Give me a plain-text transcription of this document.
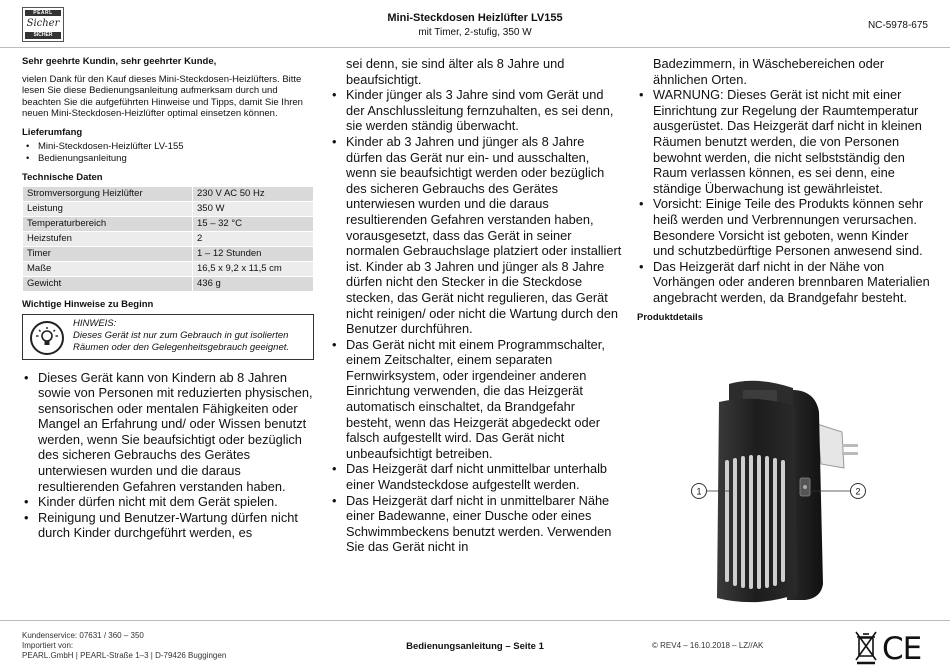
PEARL
Sicher
SICHER
Mini-Steckdosen Heizlüfter LV155
mit Timer, 2-stufig, 350 W
NC-5978-675
Sehr geehrte Kundin, sehr geehrter Kunde,
vielen Dank für den Kauf dieses Mini-Steckdosen-Heizlüfters. Bitte lesen Sie diese Bedienungsanleitung aufmerksam durch und beachten Sie die aufgeführten Hinweise und Tipps, damit Sie Ihren neuen Mini-Steckdosen-Heizlüfter optimal einsetzen können.
Lieferumfang
• Mini-Steckdosen-Heizlüfter LV-155
• Bedienungsanleitung
Technische Daten
Stromversorgung Heizlüfter	230 V AC 50 Hz
Leistung	350 W
Temperaturbereich	15 – 32 °C
Heizstufen	2
Timer	1 – 12 Stunden
Maße	16,5 x 9,2 x 11,5 cm
Gewicht	436 g
Wichtige Hinweise zu Beginn
HINWEIS:
Dieses Gerät ist nur zum Gebrauch in gut isolierten Räumen oder den Gelegenheitsgebrauch geeignet.
• Dieses Gerät kann von Kindern ab 8 Jahren sowie von Personen mit reduzierten physischen, sensorischen oder mentalen Fähigkeiten oder Mangel an Erfahrung und/ oder Wissen benutzt werden, wenn Sie beaufsichtigt oder bezüglich des sicheren Gebrauchs des Gerätes unterwiesen wurden und die daraus resultierenden Gefahren verstanden haben.
• Kinder dürfen nicht mit dem Gerät spielen.
• Reinigung und Benutzer-Wartung dürfen nicht durch Kinder durchgeführt werden, es
sei denn, sie sind älter als 8 Jahre und beaufsichtigt.
• Kinder jünger als 3 Jahre sind vom Gerät und der Anschlussleitung fernzuhalten, es sei denn, sie werden ständig überwacht.
• Kinder ab 3 Jahren und jünger als 8 Jahre dürfen das Gerät nur ein- und ausschalten, wenn sie beaufsichtigt werden oder bezüglich des sicheren Gebrauchs des Gerätes unterwiesen wurden und die daraus resultierenden Gefahren verstanden haben, vorausgesetzt, dass das Gerät in seiner normalen Gebrauchslage platziert oder installiert ist. Kinder ab 3 Jahren und jünger als 8 Jahre dürfen nicht den Stecker in die Steckdose stecken, das Gerät nicht regulieren, das Gerät nicht reinigen/ oder nicht die Wartung durch den Benutzer durchführen.
• Das Gerät nicht mit einem Programmschalter, einem Zeitschalter, einem separaten Fernwirksystem, oder irgendeiner anderen Einrichtung verwenden, die das Heizgerät automatisch einschaltet, da Brandgefahr besteht, wenn das Heizgerät abgedeckt oder falsch aufgestellt wird. Das Gerät nicht unbeaufsichtigt betreiben.
• Das Heizgerät darf nicht unmittelbar unterhalb einer Wandsteckdose aufgestellt werden.
• Das Heizgerät darf nicht in unmittelbarer Nähe einer Badewanne, einer Dusche oder eines Schwimmbeckens benutzt werden. Verwenden Sie das Gerät nicht in
Badezimmern, in Wäschebereichen oder ähnlichen Orten.
• WARNUNG: Dieses Gerät ist nicht mit einer Einrichtung zur Regelung der Raumtemperatur ausgerüstet. Das Heizgerät darf nicht in kleinen Räumen benutzt werden, die von Personen bewohnt werden, die nicht selbstständig den Raum verlassen können, es sei denn, eine ständige Überwachung ist gewährleistet.
• Vorsicht: Einige Teile des Produkts können sehr heiß werden und Verbrennungen verursachen. Besondere Vorsicht ist geboten, wenn Kinder und schutzbedürftige Personen anwesend sind.
• Das Heizgerät darf nicht in der Nähe von Vorhängen oder anderen brennbaren Materialien angebracht werden, da Brandgefahr besteht.
Produktdetails
1	2
Kundenservice: 07631 / 360 – 350
Importiert von:
PEARL.GmbH | PEARL-Straße 1–3 | D-79426 Buggingen
Bedienungsanleitung – Seite 1	© REV4 – 16.10.2018 – LZ//AK	CE
